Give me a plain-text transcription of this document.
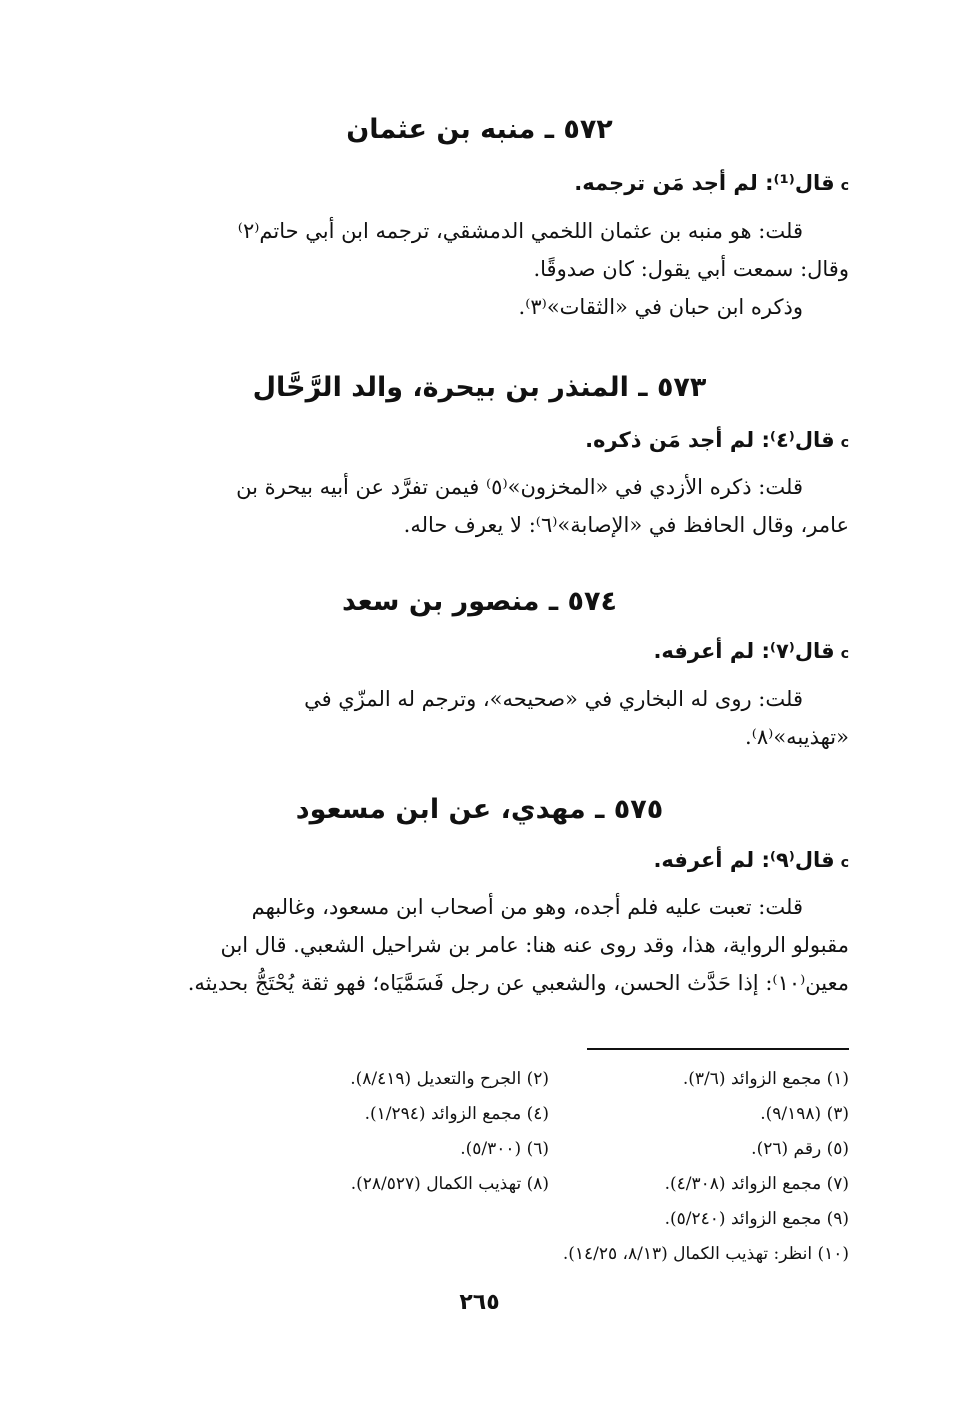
٥٧٢ ـ منبه بن عثمان
cقال⁽¹⁾: لم أجد مَن ترجمه.
قلت: هو منبه بن عثمان اللخمي الدمشقي، ترجمه ابن أبي حاتم⁽٢⁾
وقال: سمعت أبي يقول: كان صدوقًا.
وذكره ابن حبان في «الثقات»⁽٣⁾.
٥٧٣ ـ المنذر بن بيحرة، والد الرَّحَّال
cقال⁽٤⁾: لم أجد مَن ذكره.
قلت: ذكره الأزدي في «المخزون»⁽٥⁾ فيمن تفرَّد عن أبيه بيحرة بن
عامر، وقال الحافظ في «الإصابة»⁽٦⁾: لا يعرف حاله.
٥٧٤ ـ منصور بن سعد
cقال⁽٧⁾: لم أعرفه.
قلت: روى له البخاري في «صحيحه»، وترجم له المزّي في
«تهذيبه»⁽٨⁾.
٥٧٥ ـ مهدي، عن ابن مسعود
cقال⁽٩⁾: لم أعرفه.
قلت: تعبت عليه فلم أجده، وهو من أصحاب ابن مسعود، وغالبهم
مقبولو الرواية، هذا، وقد روى عنه هنا: عامر بن شراحيل الشعبي. قال ابن
معين⁽١٠⁾: إذا حَدَّث الحسن، والشعبي عن رجل فَسَمَّيَاه؛ فهو ثقة يُحْتَجُّ بحديثه.
(١) مجمع الزوائد (٣/٦).
(٢) الجرح والتعديل (٨/٤١٩).
(٣) (٩/١٩٨).
(٤) مجمع الزوائد (١/٢٩٤).
(٥) رقم (٢٦).
(٦) (٥/٣٠٠).
(٧) مجمع الزوائد (٤/٣٠٨).
(٨) تهذيب الكمال (٢٨/٥٢٧).
(٩) مجمع الزوائد (٥/٢٤٠).
(١٠) انظر: تهذيب الكمال (٨/١٣، ١٤/٢٥).
٢٦٥
